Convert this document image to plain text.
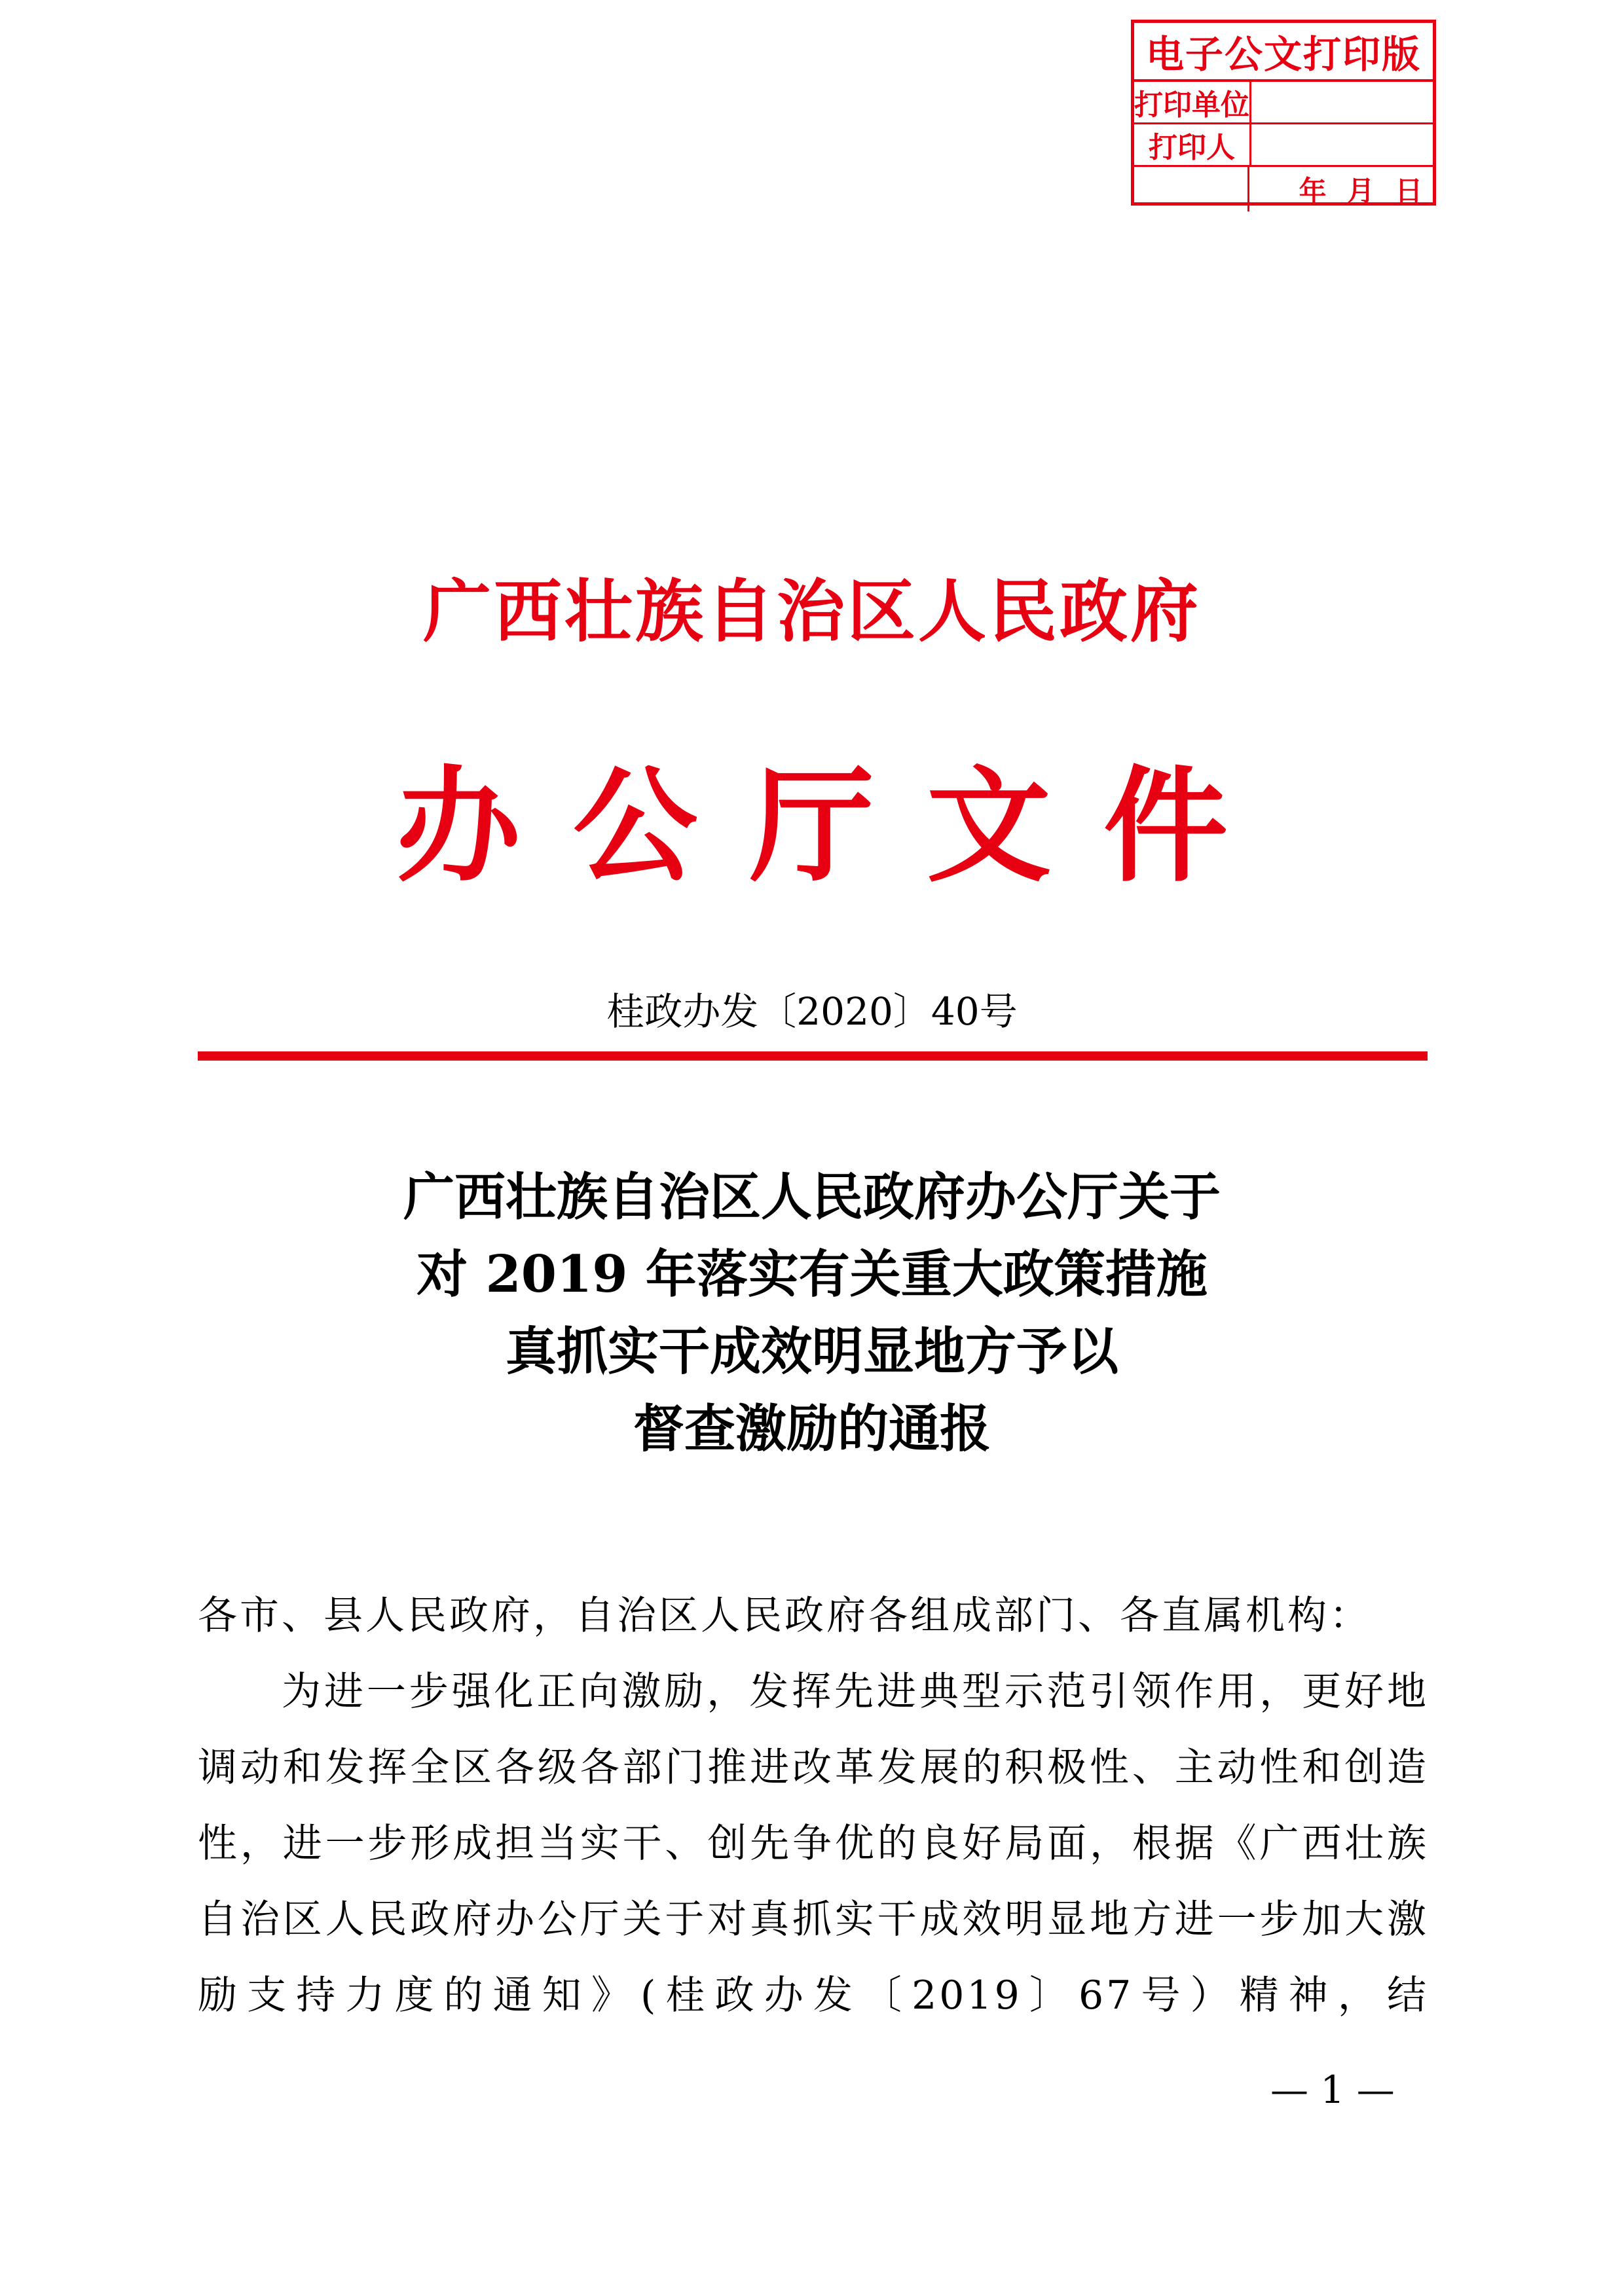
电子公文打印版
打印单位
打印人
年 月 日
广西壮族自治区人民政府
办公厅文件
桂政办发〔2020〕40号
广西壮族自治区人民政府办公厅关于
对 2019 年落实有关重大政策措施
真抓实干成效明显地方予以
督查激励的通报

各市、县人民政府，自治区人民政府各组成部门、各直属机构：

为进一步强化正向激励，发挥先进典型示范引领作用，更好地调动和发挥全区各级各部门推进改革发展的积极性、主动性和创造性，进一步形成担当实干、创先争优的良好局面，根据《广西壮族自治区人民政府办公厅关于对真抓实干成效明显地方进一步加大激励支持力度的通知》(桂政办发〔2019〕67号）精神，结

— 1 —
